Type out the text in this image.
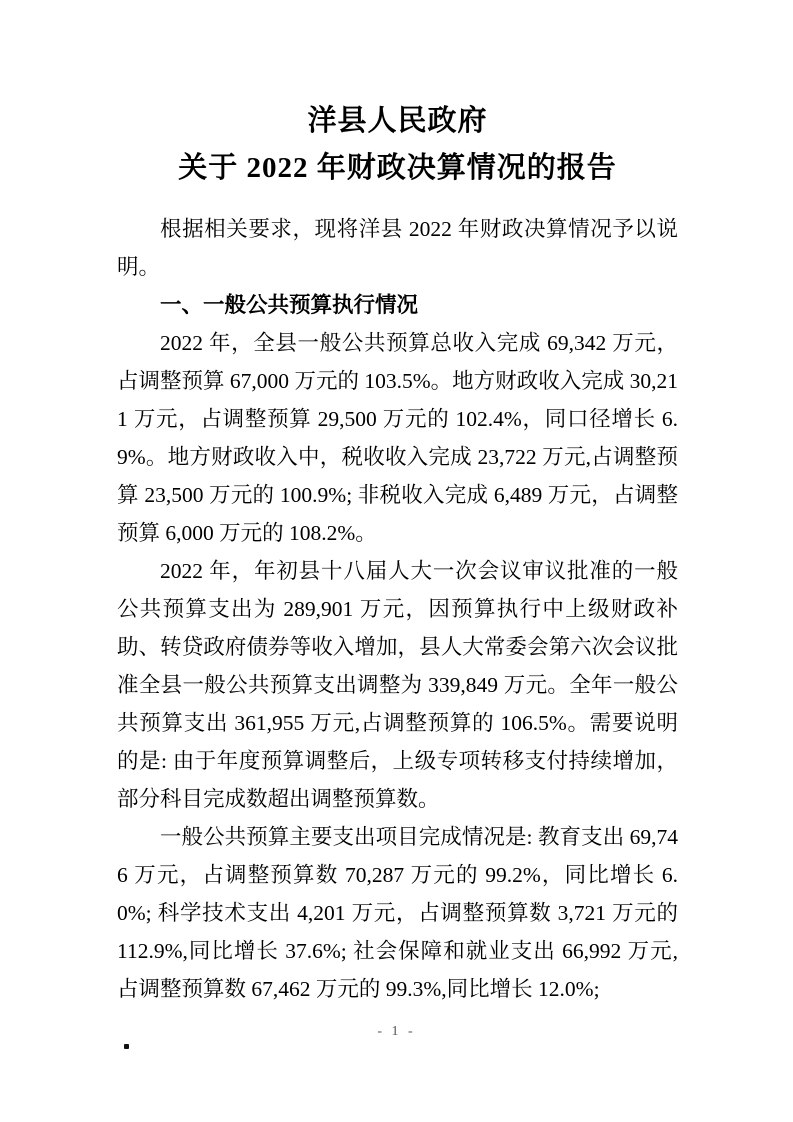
洋县人民政府
关于 2022 年财政决算情况的报告

根据相关要求，现将洋县 2022 年财政决算情况予以说明。

一、一般公共预算执行情况

2022 年，全县一般公共预算总收入完成 69,342 万元，占调整预算 67,000 万元的 103.5%。地方财政收入完成 30,211 万元，占调整预算 29,500 万元的 102.4%，同口径增长 6.9%。地方财政收入中，税收收入完成 23,722 万元,占调整预算 23,500 万元的 100.9%; 非税收入完成 6,489 万元，占调整预算 6,000 万元的 108.2%。

2022 年，年初县十八届人大一次会议审议批准的一般公共预算支出为 289,901 万元，因预算执行中上级财政补助、转贷政府债券等收入增加，县人大常委会第六次会议批准全县一般公共预算支出调整为 339,849 万元。全年一般公共预算支出 361,955 万元,占调整预算的 106.5%。需要说明的是: 由于年度预算调整后，上级专项转移支付持续增加，部分科目完成数超出调整预算数。

一般公共预算主要支出项目完成情况是: 教育支出 69,746 万元，占调整预算数 70,287 万元的 99.2%，同比增长 6.0%; 科学技术支出 4,201 万元，占调整预算数 3,721 万元的 112.9%,同比增长 37.6%; 社会保障和就业支出 66,992 万元,占调整预算数 67,462 万元的 99.3%,同比增长 12.0%;

- 1 -
